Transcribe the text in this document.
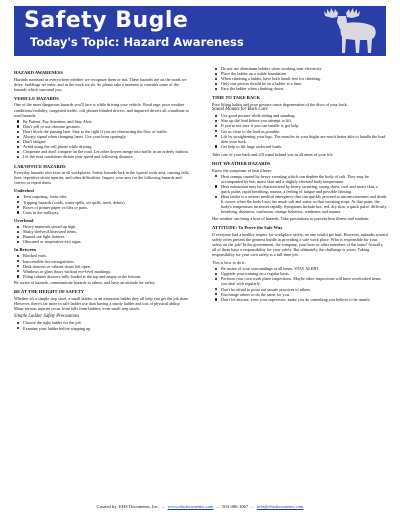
Safety Bugle
Today's Topic: Hazard Awareness
HAZARD AWARENESS

Hazards surround us everywhere whether we recognize them or not. These hazards are on the roads we drive, buildings we enter, and in the work we do. So please take a moment to consider some of the hazards which surround you.

VEHICLE HAZARDS

One of the more dangerous hazards you'll face is while driving your vehicle. Road rage, poor weather conditions/visibility, congested traffic, cell phones blinded drivers, and impaired drivers all contribute to road hazards.

Be Patient, Pay Attention, and Stay Alert.
Don't yell or use obscene gestures.
Don't block the passing lane. Stay to the right if you are obstructing the flow of traffic.
Always signal when changing lanes. Use your horn sparingly.
Don't tailgate.
Avoid using the cell phone while driving.
Cooperate and don't compete on the road. Let other drivers merge into traffic in an orderly fashion.
Let the road conditions dictate your speed and following distance.
LAB/OFFICE HAZARDS

Everyday hazards also exist in all workplaces. Safety hazards lurk in the typical work area, causing falls, fires, repetitive strain injuries, and other difficulties. Inspect your area for the following hazards and correct or report them.

Underfoot
Torn carpeting, loose tiles.
Tripping hazards (cords, water spills, oil spills, trash, debris).
Boxes of printer paper or files or parts.
Carts in the walkway.
Overhead
Heavy materials stored up high.
Shaky shelves/Unsecured items.
Burned out light fixtures.
Obscured or inoperative exit signs.
In Between
Blocked exits.
Inaccessible fire extinguishers.
Desk drawers or cabinet doors left open.
Windows or glass doors without eye-level markings.
Filing cabinet drawers fully loaded at the top and empty at the bottom.

Be aware of hazards, communicate hazards to others, and have an attitude for safety.

BE AT THE HEIGHT OF SAFETY

Whether it's a simple step stool, a small ladder, or an extension ladder they all help you get the job done. However, there's far more to safe ladder use than having a sturdy ladder and lots of physical ability. Many serious injuries occur from falls from ladders, even small step stools.

Simple Ladder Safety Precautions
Choose the right ladder for the job
Examine your ladder before stepping up
Do not use aluminum ladders when working near electricity
Place the ladder on a stable foundation.
When climbing a ladder, have both hands free for climbing.
Only one person should be on a ladder at a time.
Face the ladder when climbing down.
TIME TO TAKE BACK

Poor lifting habits and poor posture cause degeneration of the discs of your back.

Sound Mounts for Back Care
Use good posture while sitting and standing.
Size up the load before you attempt to lift.
If you're not sure if you can handle it, get help.
Get as close to the load as possible.
Lift by straightening your legs. The muscles in your thighs are much better able to handle the load then your back.
Get help to lift large awkward loads.

Take care of your back and it'll stand behind you in all areas of your life.

HOT WEATHER HAZARDS

Know the symptoms of heat illness:

Heat cramps caused by heavy sweating which can deplete the body of salt. They may be accompanied by hot, moist skin and a slightly elevated body temperature.
Heat exhaustion may be characterized by heavy sweating, strong thirst, cool and moist skin, a quick pulse, rapid breathing, nausea, a feeling of fatigue and possible fainting.
Heat stroke is a serious medical emergency that can quickly proceed to unconsciousness and death. It occurs when the body loses too much salt and water so that sweating stops. At that point, the body's temperature increases rapidly. Symptoms include hot, red, dry skin, a quick pulse, difficulty breathing, dizziness, confusion, strange behavior, weakness and nausea.

Hot weather can bring a host of hazards. Take precautions to prevent heat illness and sunburn.

ATTITUDE: To Prove the Safe Way

If everyone had a healthy respect for workplace safety, no one would get hurt. However, attitudes toward safety often present the greatest hurdle in providing a safe work place. Who is responsible for your safety on the job? In the government, the company, your boss or other members of the team? Actually, all of them have a responsibility for your safety. But ultimately, the challenge is yours. Taking responsibility for your own safety is a full-time job.

This is how to do it:

Be aware of your surroundings at all times. STAY ALERT.
Upgrade your training on a regular basis.
Perform your own work place inspections. Maybe other inspections will have overlooked items you deal with regularly.
Don't be afraid to point out unsafe practices of others.
Encourage others to do the same for you.
Don't let anyone, even your supervisor, make you do something you believe to be unsafe.
Created by: EHS Documents, Inc. – www.ehsdocuments.com – 503-486-1067 – info@ehsdocuments.com
